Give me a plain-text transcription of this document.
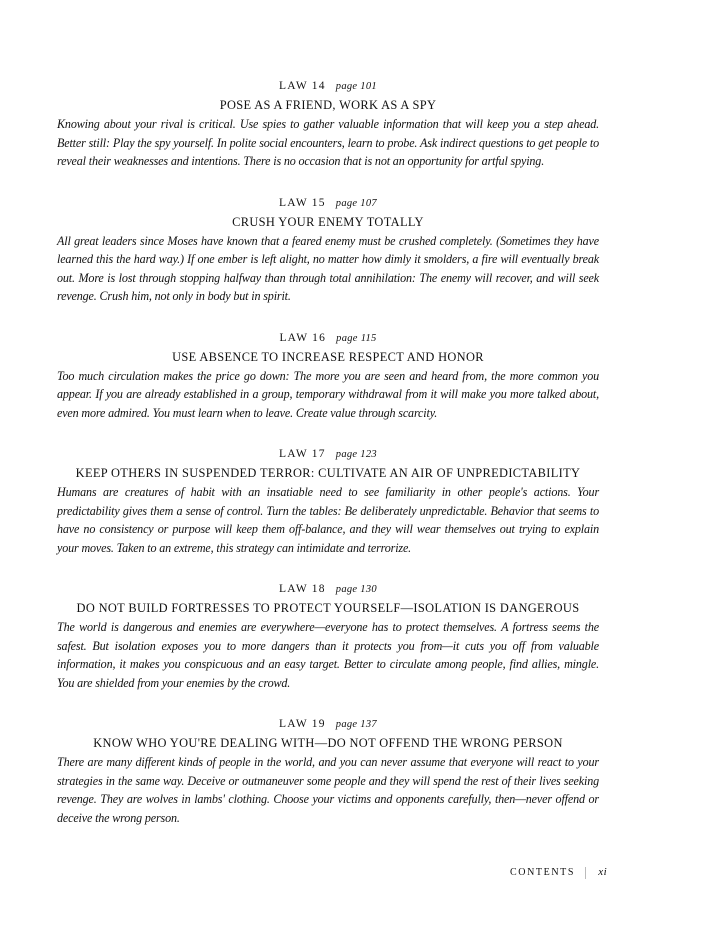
LAW 14 page 101
POSE AS A FRIEND, WORK AS A SPY

Knowing about your rival is critical. Use spies to gather valuable information that will keep you a step ahead. Better still: Play the spy yourself. In polite social encounters, learn to probe. Ask indirect questions to get people to reveal their weaknesses and intentions. There is no occasion that is not an opportunity for artful spying.

LAW 15 page 107
CRUSH YOUR ENEMY TOTALLY

All great leaders since Moses have known that a feared enemy must be crushed completely. (Sometimes they have learned this the hard way.) If one ember is left alight, no matter how dimly it smolders, a fire will eventually break out. More is lost through stopping halfway than through total annihilation: The enemy will recover, and will seek revenge. Crush him, not only in body but in spirit.

LAW 16 page 115
USE ABSENCE TO INCREASE RESPECT AND HONOR

Too much circulation makes the price go down: The more you are seen and heard from, the more common you appear. If you are already established in a group, temporary withdrawal from it will make you more talked about, even more admired. You must learn when to leave. Create value through scarcity.

LAW 17 page 123
KEEP OTHERS IN SUSPENDED TERROR: CULTIVATE AN AIR OF UNPREDICTABILITY

Humans are creatures of habit with an insatiable need to see familiarity in other people's actions. Your predictability gives them a sense of control. Turn the tables: Be deliberately unpredictable. Behavior that seems to have no consistency or purpose will keep them off-balance, and they will wear themselves out trying to explain your moves. Taken to an extreme, this strategy can intimidate and terrorize.

LAW 18 page 130
DO NOT BUILD FORTRESSES TO PROTECT YOURSELF—ISOLATION IS DANGEROUS

The world is dangerous and enemies are everywhere—everyone has to protect themselves. A fortress seems the safest. But isolation exposes you to more dangers than it protects you from—it cuts you off from valuable information, it makes you conspicuous and an easy target. Better to circulate among people, find allies, mingle. You are shielded from your enemies by the crowd.

LAW 19 page 137
KNOW WHO YOU'RE DEALING WITH—DO NOT OFFEND THE WRONG PERSON

There are many different kinds of people in the world, and you can never assume that everyone will react to your strategies in the same way. Deceive or outmaneuver some people and they will spend the rest of their lives seeking revenge. They are wolves in lambs' clothing. Choose your victims and opponents carefully, then—never offend or deceive the wrong person.

CONTENTS xi
